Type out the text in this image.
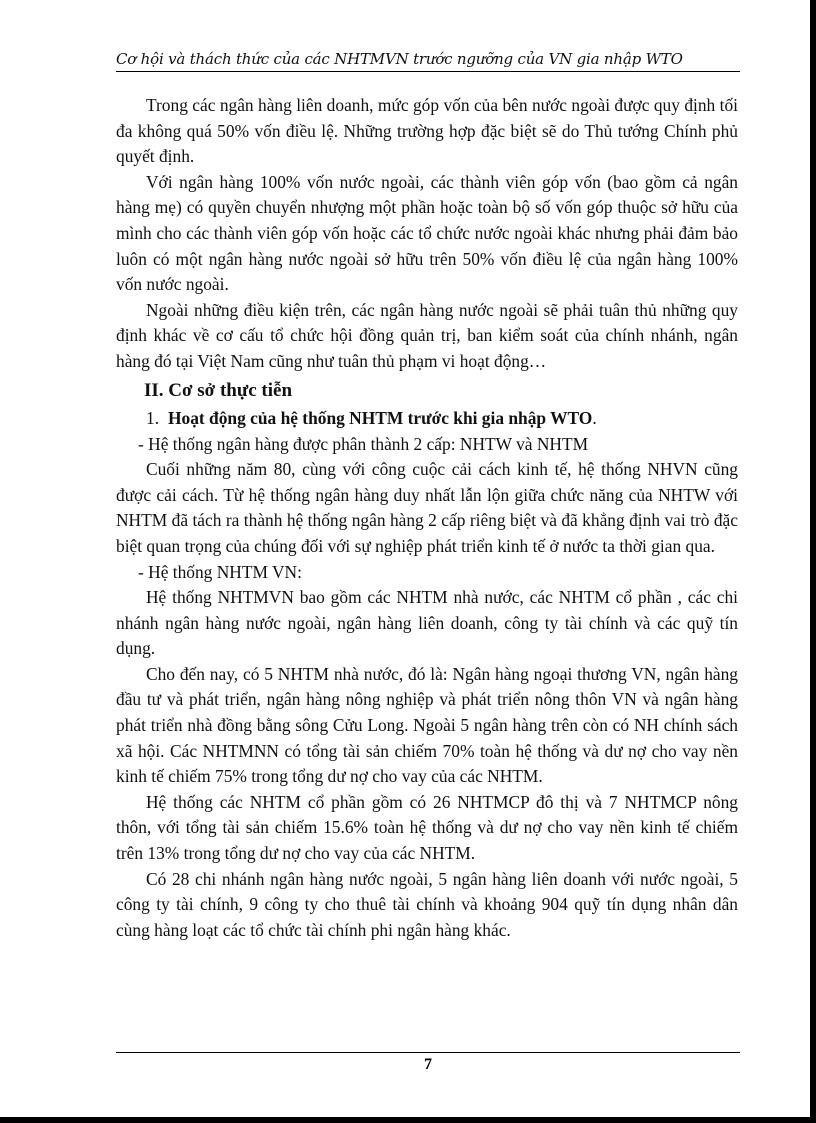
Cơ hội và thách thức của các NHTMVN trước ngưỡng của VN gia nhập WTO

Trong các ngân hàng liên doanh, mức góp vốn của bên nước ngoài được quy định tối đa không quá 50% vốn điều lệ. Những trường hợp đặc biệt sẽ do Thủ tướng Chính phủ quyết định.

Với ngân hàng 100% vốn nước ngoài, các thành viên góp vốn (bao gồm cả ngân hàng mẹ) có quyền chuyển nhượng một phần hoặc toàn bộ số vốn góp thuộc sở hữu của mình cho các thành viên góp vốn hoặc các tổ chức nước ngoài khác nhưng phải đảm bảo luôn có một ngân hàng nước ngoài sở hữu trên 50% vốn điều lệ của ngân hàng 100% vốn nước ngoài.

Ngoài những điều kiện trên, các ngân hàng nước ngoài sẽ phải tuân thủ những quy định khác về cơ cấu tổ chức hội đồng quản trị, ban kiểm soát của chính nhánh, ngân hàng đó tại Việt Nam cũng như tuân thủ phạm vi hoạt động…

II. Cơ sở thực tiễn

1. Hoạt động của hệ thống NHTM trước khi gia nhập WTO.

- Hệ thống ngân hàng được phân thành 2 cấp: NHTW và NHTM

Cuối những năm 80, cùng với công cuộc cải cách kinh tế, hệ thống NHVN cũng được cải cách. Từ hệ thống ngân hàng duy nhất lẫn lộn giữa chức năng của NHTW với NHTM đã tách ra thành hệ thống ngân hàng 2 cấp riêng biệt và đã khẳng định vai trò đặc biệt quan trọng của chúng đối với sự nghiệp phát triển kinh tế ở nước ta thời gian qua.

- Hệ thống NHTM VN:

Hệ thống NHTMVN bao gồm các NHTM nhà nước, các NHTM cổ phần , các chi nhánh ngân hàng nước ngoài, ngân hàng liên doanh, công ty tài chính và các quỹ tín dụng.

Cho đến nay, có 5 NHTM nhà nước, đó là: Ngân hàng ngoại thương VN, ngân hàng đầu tư và phát triển, ngân hàng nông nghiệp và phát triển nông thôn VN và ngân hàng phát triển nhà đồng bằng sông Cửu Long. Ngoài 5 ngân hàng trên còn có NH chính sách xã hội. Các NHTMNN có tổng tài sản chiếm 70% toàn hệ thống và dư nợ cho vay nền kinh tế chiếm 75% trong tổng dư nợ cho vay của các NHTM.

Hệ thống các NHTM cổ phần gồm có 26 NHTMCP đô thị và 7 NHTMCP nông thôn, với tổng tài sản chiếm 15.6% toàn hệ thống và dư nợ cho vay nền kinh tế chiếm trên 13% trong tổng dư nợ cho vay của các NHTM.

Có 28 chi nhánh ngân hàng nước ngoài, 5 ngân hàng liên doanh với nước ngoài, 5 công ty tài chính, 9 công ty cho thuê tài chính và khoảng 904 quỹ tín dụng nhân dân cùng hàng loạt các tổ chức tài chính phi ngân hàng khác.

7
